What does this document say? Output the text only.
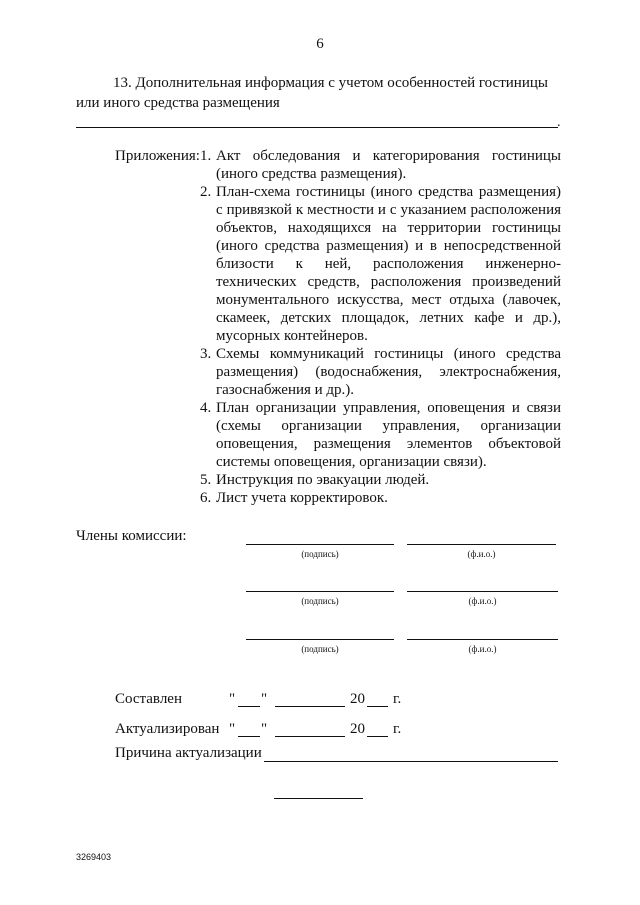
6
13. Дополнительная информация с учетом особенностей гостиницы
или иного средства размещения
.
Приложения: 1. Акт обследования и категорирования гостиницы (иного средства размещения).
2. План-схема гостиницы (иного средства размещения) с привязкой к местности и с указанием расположения объектов, находящихся на территории гостиницы (иного средства размещения) и в непосредственной близости к ней, расположения инженерно-технических средств, расположения произведений монументального искусства, мест отдыха (лавочек, скамеек, детских площадок, летних кафе и др.), мусорных контейнеров.
3. Схемы коммуникаций гостиницы (иного средства размещения) (водоснабжения, электроснабжения, газоснабжения и др.).
4. План организации управления, оповещения и связи (схемы организации управления, организации оповещения, размещения элементов объектовой системы оповещения, организации связи).
5. Инструкция по эвакуации людей.
6. Лист учета корректировок.
Члены комиссии:
(подпись)	(ф.и.о.)
(подпись)	(ф.и.о.)
(подпись)	(ф.и.о.)
Составлен	" "	20 г.
Актуализирован " "	20 г.
Причина актуализации
3269403
